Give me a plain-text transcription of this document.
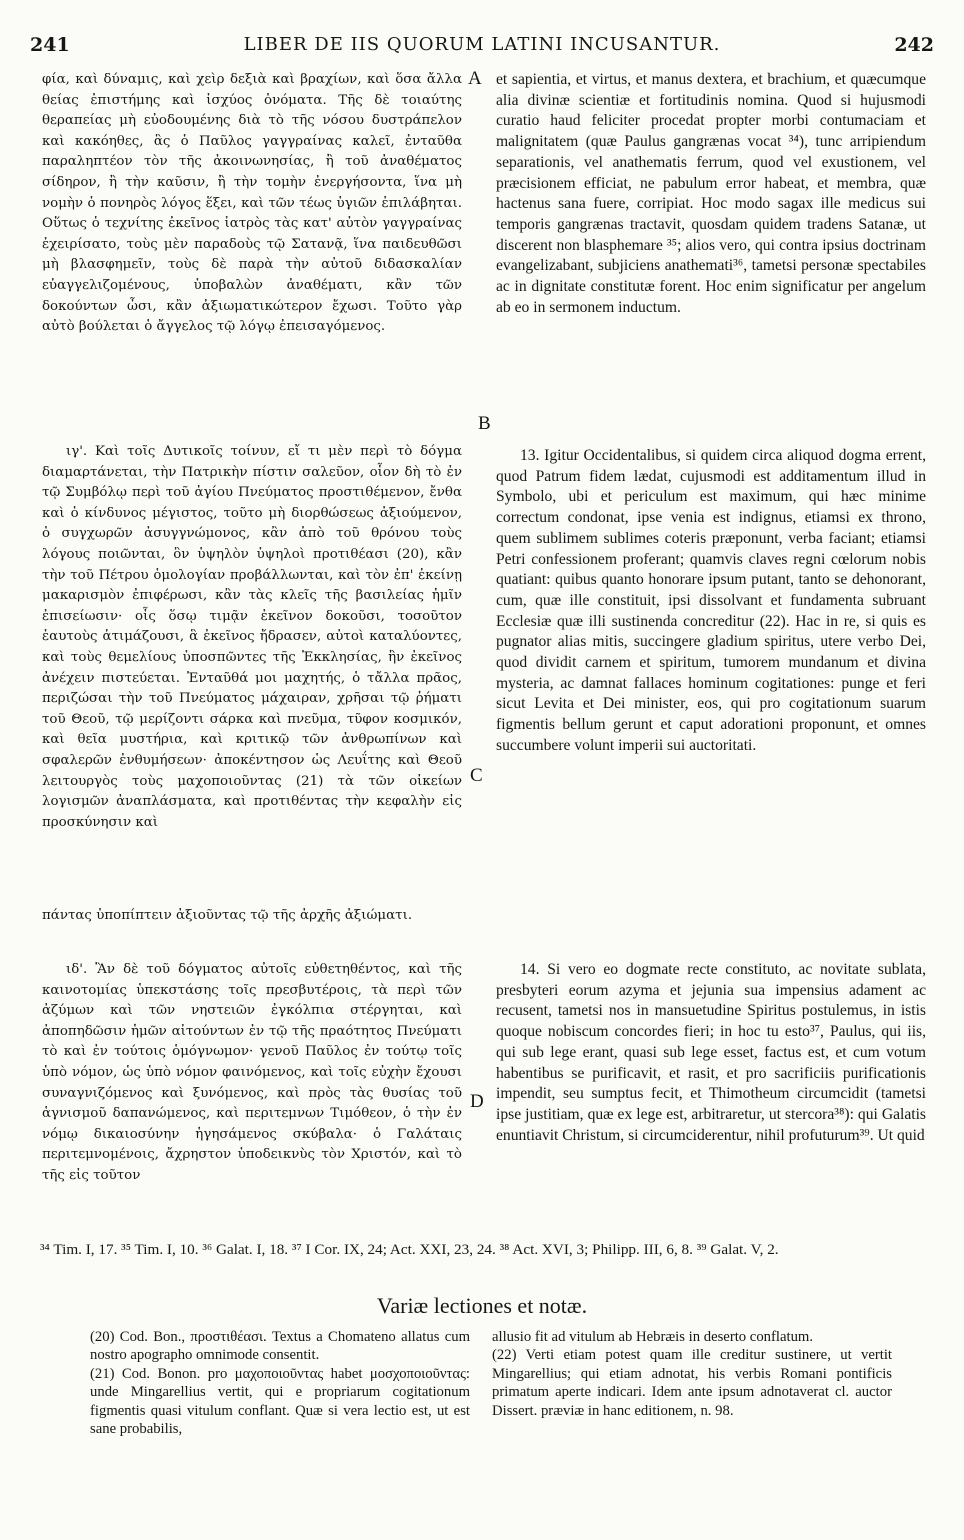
241	LIBER DE IIS QUORUM LATINI INCUSANTUR.	242

φία, καὶ δύναμις, καὶ χεὶρ δεξιὰ καὶ βραχίων, καὶ ὅσα ἄλλα θείας ἐπιστήμης καὶ ἰσχύος ὀνόματα. Τῆς δὲ τοιαύτης θεραπείας μὴ εὐοδουμένης διὰ τὸ τῆς νόσου δυστράπελον καὶ κακόηθες, ἃς ὁ Παῦλος γαγγραίνας καλεῖ, ἐνταῦθα παραληπτέον τὸν τῆς ἀκοινωνησίας, ἢ τοῦ ἀναθέματος σίδηρον, ἢ τὴν καῦσιν, ἢ τὴν τομὴν ἐνεργήσοντα, ἵνα μὴ νομὴν ὁ πονηρὸς λόγος ἕξει, καὶ τῶν τέως ὑγιῶν ἐπιλάβηται. Οὕτως ὁ τεχνίτης ἐκεῖνος ἰατρὸς τὰς κατ' αὐτὸν γαγγραίνας ἐχειρίσατο, τοὺς μὲν παραδοὺς τῷ Σατανᾷ, ἵνα παιδευθῶσι μὴ βλασφημεῖν, τοὺς δὲ παρὰ τὴν αὐτοῦ διδασκαλίαν εὐαγγελιζομένους, ὑποβαλὼν ἀναθέματι, κἂν τῶν δοκούντων ὦσι, κἂν ἀξιωματικώτερον ἔχωσι. Τοῦτο γὰρ αὐτὸ βούλεται ὁ ἄγγελος τῷ λόγῳ ἐπεισαγόμενος.

ιγ'. Καὶ τοῖς Δυτικοῖς τοίνυν, εἴ τι μὲν περὶ τὸ δόγμα διαμαρτάνεται, τὴν Πατρικὴν πίστιν σαλεῦον, οἷον δὴ τὸ ἐν τῷ Συμβόλῳ περὶ τοῦ ἁγίου Πνεύματος προστιθέμενον, ἔνθα καὶ ὁ κίνδυνος μέγιστος, τοῦτο μὴ διορθώσεως ἀξιούμενον, ὁ συγχωρῶν ἀσυγγνώμονος, κἂν ἀπὸ τοῦ θρόνου τοὺς λόγους ποιῶνται, ὃν ὑψηλὸν ὑψηλοὶ προτιθέασι (20), κἂν τὴν τοῦ Πέτρου ὁμολογίαν προβάλλωνται, καὶ τὸν ἐπ' ἐκείνῃ μακαρισμὸν ἐπιφέρωσι, κἂν τὰς κλεῖς τῆς βασιλείας ἡμῖν ἐπισείωσιν· οἷς ὅσῳ τιμᾷν ἐκεῖνον δοκοῦσι, τοσοῦτον ἑαυτοὺς ἀτιμάζουσι, ἃ ἐκεῖνος ἤδρασεν, αὐτοὶ καταλύοντες, καὶ τοὺς θεμελίους ὑποσπῶντες τῆς Ἐκκλησίας, ἣν ἐκεῖνος ἀνέχειν πιστεύεται. Ἐνταῦθά μοι μαχητής, ὁ τἄλλα πρᾶος, περιζώσαι τὴν τοῦ Πνεύματος μάχαιραν, χρῆσαι τῷ ῥήματι τοῦ Θεοῦ, τῷ μερίζοντι σάρκα καὶ πνεῦμα, τῦφον κοσμικόν, καὶ θεῖα μυστήρια, καὶ κριτικῷ τῶν ἀνθρωπίνων καὶ σφαλερῶν ἐνθυμήσεων· ἀποκέντησον ὡς Λευΐτης καὶ Θεοῦ λειτουργὸς τοὺς μαχοποιοῦντας (21) τὰ τῶν οἰκείων λογισμῶν ἀναπλάσματα, καὶ προτιθέντας τὴν κεφαλὴν εἰς προσκύνησιν καὶ

πάντας ὑποπίπτειν ἀξιοῦντας τῷ τῆς ἀρχῆς ἀξιώματι.

ιδ'. Ἂν δὲ τοῦ δόγματος αὐτοῖς εὐθετηθέντος, καὶ τῆς καινοτομίας ὑπεκστάσης τοῖς πρεσβυτέροις, τὰ περὶ τῶν ἀζύμων καὶ τῶν νηστειῶν ἐγκόλπια στέργηται, καὶ ἀποπηδῶσιν ἡμῶν αἰτούντων ἐν τῷ τῆς πραότητος Πνεύματι τὸ καὶ ἐν τούτοις ὁμόγνωμον· γενοῦ Παῦλος ἐν τούτῳ τοῖς ὑπὸ νόμον, ὡς ὑπὸ νόμον φαινόμενος, καὶ τοῖς εὐχὴν ἔχουσι συναγνιζόμενος καὶ ξυνόμενος, καὶ πρὸς τὰς θυσίας τοῦ ἁγνισμοῦ δαπανώμενος, καὶ περιτεμνων Τιμόθεον, ὁ τὴν ἐν νόμῳ δικαιοσύνην ἡγησάμενος σκύβαλα· ὁ Γαλάταις περιτεμνομένοις, ἄχρηστον ὑποδεικνὺς τὸν Χριστόν, καὶ τὸ τῆς εἰς τοῦτον

A
B
C
D

et sapientia, et virtus, et manus dextera, et brachium, et quæcumque alia divinæ scientiæ et fortitudinis nomina. Quod si hujusmodi curatio haud feliciter procedat propter morbi contumaciam et malignitatem (quæ Paulus gangrænas vocat ³⁴), tunc arripiendum separationis, vel anathematis ferrum, quod vel exustionem, vel præcisionem efficiat, ne pabulum error habeat, et membra, quæ hactenus sana fuere, corripiat. Hoc modo sagax ille medicus sui temporis gangrænas tractavit, quosdam quidem tradens Satanæ, ut discerent non blasphemare ³⁵; alios vero, qui contra ipsius doctrinam evangelizabant, subjiciens anathemati³⁶, tametsi personæ spectabiles ac in dignitate constitutæ forent. Hoc enim significatur per angelum ab eo in sermonem inductum.

13. Igitur Occidentalibus, si quidem circa aliquod dogma errent, quod Patrum fidem lædat, cujusmodi est additamentum illud in Symbolo, ubi et periculum est maximum, qui hæc minime correctum condonat, ipse venia est indignus, etiamsi ex throno, quem sublimem sublimes coteris præponunt, verba faciant; etiamsi Petri confessionem proferant; quamvis claves regni cœlorum nobis quatiant: quibus quanto honorare ipsum putant, tanto se dehonorant, cum, quæ ille constituit, ipsi dissolvant et fundamenta subruant Ecclesiæ quæ illi sustinenda concreditur (22). Hac in re, si quis es pugnator alias mitis, succingere gladium spiritus, utere verbo Dei, quod dividit carnem et spiritum, tumorem mundanum et divina mysteria, ac damnat fallaces hominum cogitationes: punge et feri sicut Levita et Dei minister, eos, qui pro cogitationum suarum figmentis bellum gerunt et caput adorationi proponunt, et omnes succumbere volunt imperii sui auctoritati.

14. Si vero eo dogmate recte constituto, ac novitate sublata, presbyteri eorum azyma et jejunia sua impensius adament ac recusent, tametsi nos in mansuetudine Spiritus postulemus, in istis quoque nobiscum concordes fieri; in hoc tu esto³⁷, Paulus, qui iis, qui sub lege erant, quasi sub lege esset, factus est, et cum votum habentibus se purificavit, et rasit, et pro sacrificiis purificationis impendit, seu sumptus fecit, et Thimotheum circumcidit (tametsi ipse justitiam, quæ ex lege est, arbitraretur, ut stercora³⁸): qui Galatis enuntiavit Christum, si circumciderentur, nihil profuturum³⁹. Ut quid

³⁴ Tim. I, 17. ³⁵ Tim. I, 10. ³⁶ Galat. I, 18. ³⁷ I Cor. IX, 24; Act. XXI, 23, 24. ³⁸ Act. XVI, 3; Philipp. III, 6, 8. ³⁹ Galat. V, 2.
Variæ lectiones et notæ.

(20) Cod. Bon., προστιθέασι. Textus a Chomateno allatus cum nostro apographo omnimode consentit.

(21) Cod. Bonon. pro μαχοποιοῦντας habet μοσχοποιοῦντας: unde Mingarellius vertit, qui e propriarum cogitationum figmentis quasi vitulum conflant. Quæ si vera lectio est, ut est sane probabilis,

allusio fit ad vitulum ab Hebræis in deserto conflatum.

(22) Verti etiam potest quam ille creditur sustinere, ut vertit Mingarellius; qui etiam adnotat, his verbis Romani pontificis primatum aperte indicari. Idem ante ipsum adnotaverat cl. auctor Dissert. præviæ in hanc editionem, n. 98.
